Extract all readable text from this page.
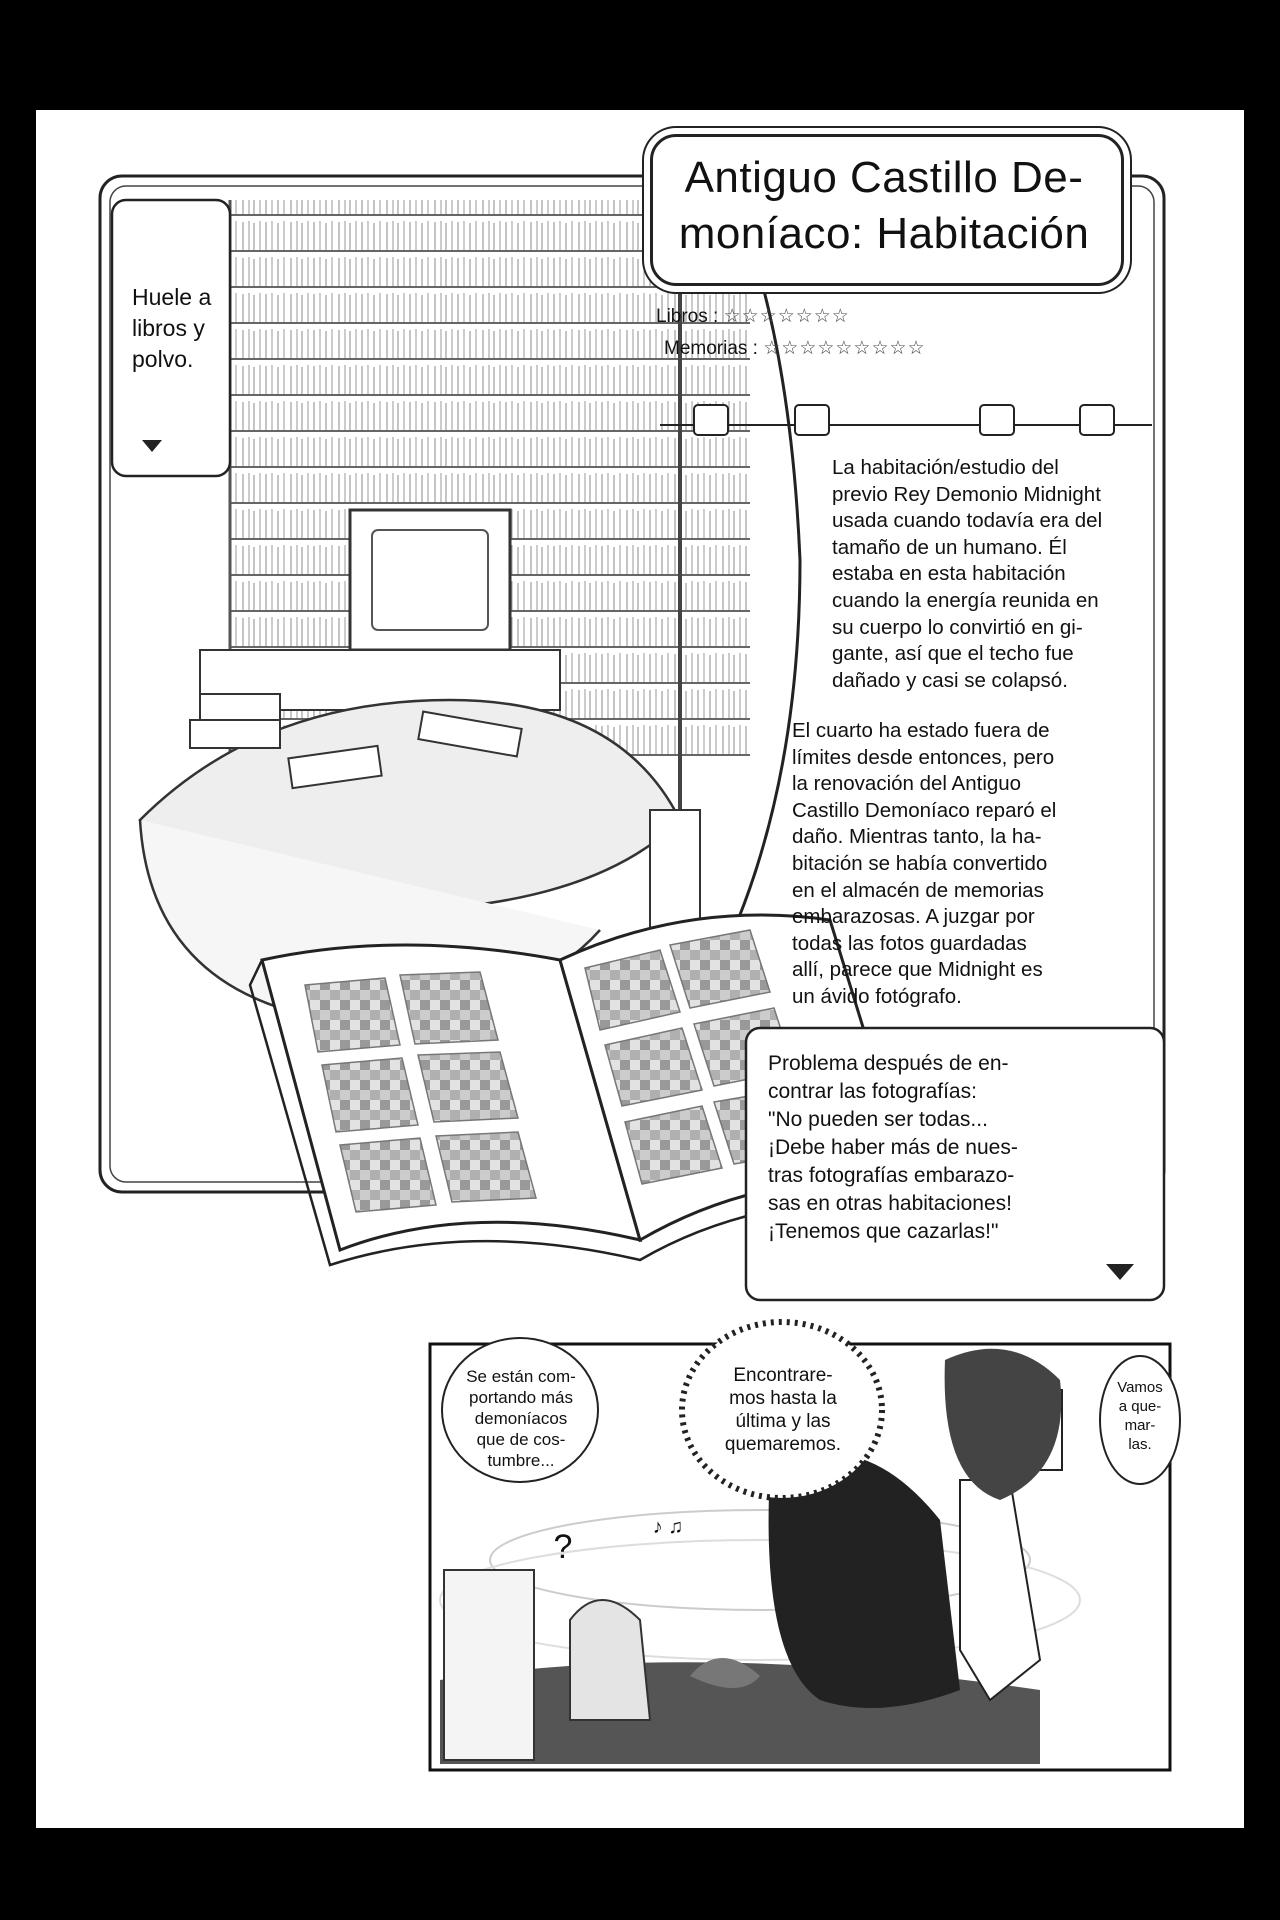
Antiguo Castillo De-
moníaco: Habitación
Libros : ☆☆☆☆☆☆☆
Memorias : ☆☆☆☆☆☆☆☆☆
Huele a
libros y
polvo.
La habitación/estudio del
previo Rey Demonio Midnight
usada cuando todavía era del
tamaño de un humano. Él
estaba en esta habitación
cuando la energía reunida en
su cuerpo lo convirtió en gi-
gante, así que el techo fue
dañado y casi se colapsó.
El cuarto ha estado fuera de
límites desde entonces, pero
la renovación del Antiguo
Castillo Demoníaco reparó el
daño. Mientras tanto, la ha-
bitación se había convertido
en el almacén de memorias
embarazosas. A juzgar por
todas las fotos guardadas
allí, parece que Midnight es
un ávido fotógrafo.
Problema después de en-
contrar las fotografías:
"No pueden ser todas...
¡Debe haber más de nues-
tras fotografías embarazo-
sas en otras habitaciones!
¡Tenemos que cazarlas!"
Se están com-
portando más
demoníacos
que de cos-
tumbre...
Encontrare-
mos hasta la
última y las
quemaremos.
Vamos
a que-
mar-
las.
?
♪ ♫
